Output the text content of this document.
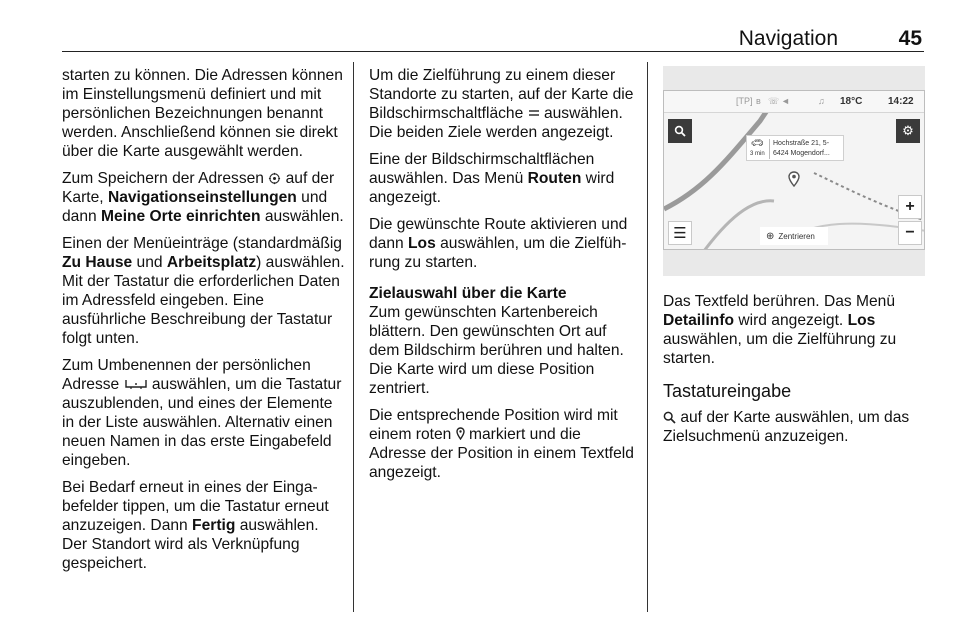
Navigation	45

starten zu können. Die Adressen können im Einstellungsmenü definiert und mit persönlichen Bezeichnungen benannt werden. Anschließend können sie direkt über die Karte ausgewählt werden.

Zum Speichern der Adressen  auf der Karte, Navigationseinstellungen und dann Meine Orte einrichten auswählen.

Einen der Menüeinträge (standardmäßig Zu Hause und Arbeitsplatz) auswählen. Mit der Tastatur die erforderlichen Daten im Adressfeld eingeben. Eine ausführliche Beschreibung der Tastatur folgt unten.

Zum Umbenennen der persönlichen Adresse  auswählen, um die Tastatur auszublenden, und eines der Elemente in der Liste auswählen. Alternativ einen neuen Namen in das erste Eingabefeld eingeben.

Bei Bedarf erneut in eines der Eingabefelder tippen, um die Tastatur erneut anzuzeigen. Dann Fertig auswählen. Der Standort wird als Verknüpfung gespeichert.

Um die Zielführung zu einem dieser Standorte zu starten, auf der Karte die Bildschirmschaltfläche  auswählen. Die beiden Ziele werden angezeigt.

Eine der Bildschirmschaltflächen auswählen. Das Menü Routen wird angezeigt.

Die gewünschte Route aktivieren und dann Los auswählen, um die Zielführung zu starten.

Zielauswahl über die Karte

Zum gewünschten Kartenbereich blättern. Den gewünschten Ort auf dem Bildschirm berühren und halten. Die Karte wird um diese Position zentriert.

Die entsprechende Position wird mit einem roten  markiert und die Adresse der Position in einem Textfeld angezeigt.

[TP] ʙ ☏ ◄	♫ 18°C	14:22
⚙
🚗︎
3 min
Hochstraße 21, 5-
6424 Mogendorf...
+
−
☰	⊕ Zentrieren

Das Textfeld berühren. Das Menü Detailinfo wird angezeigt. Los auswählen, um die Zielführung zu starten.

Tastatureingabe

auf der Karte auswählen, um das Zielsuchmenü anzuzeigen.
